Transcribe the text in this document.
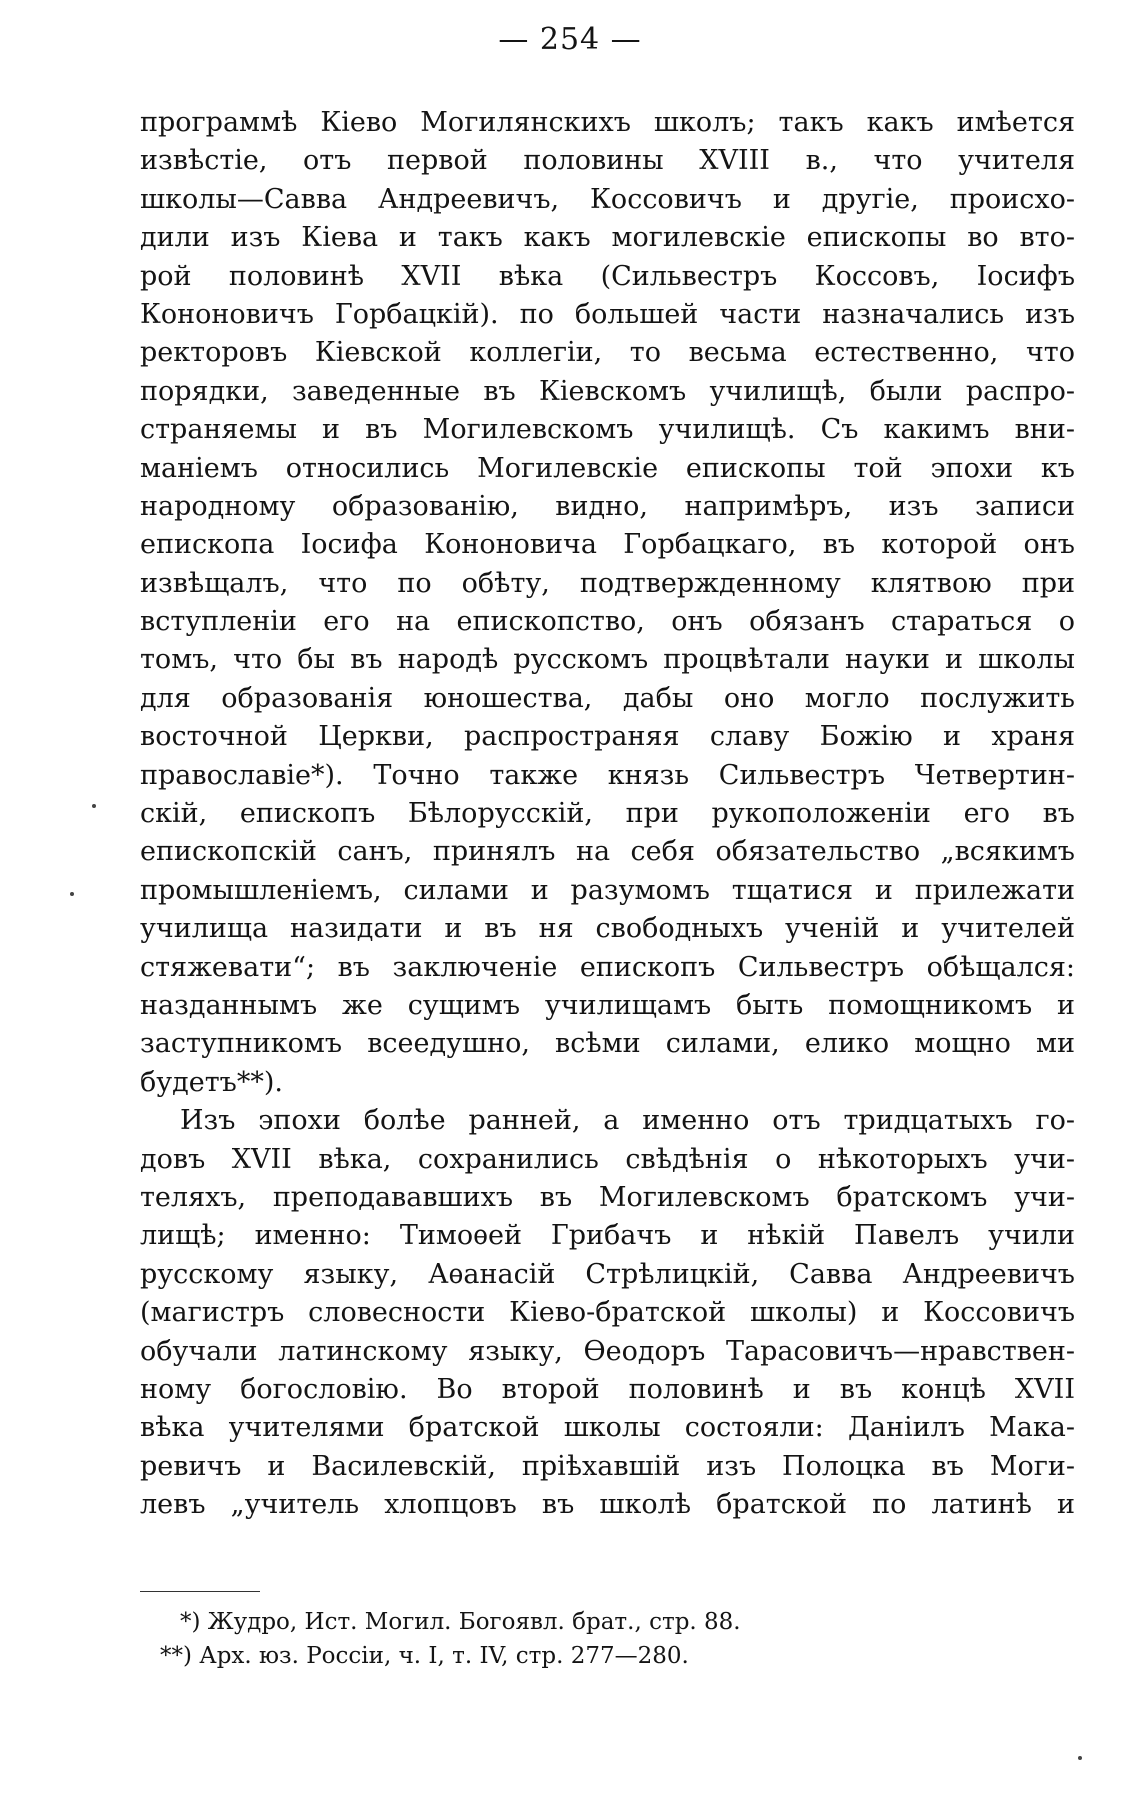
— 254 —
программѣ Кіево Могилянскихъ школъ; такъ какъ имѣется
извѣстіе, отъ первой половины XVIII в., что учителя
школы—Савва Андреевичъ, Коссовичъ и другіе, происхо-
дили изъ Кіева и такъ какъ могилевскіе епископы во вто-
рой половинѣ XVII вѣка (Сильвестръ Коссовъ, Іосифъ
Кононовичъ Горбацкій). по большей части назначались изъ
ректоровъ Кіевской коллегіи, то весьма естественно, что
порядки, заведенные въ Кіевскомъ училищѣ, были распро-
страняемы и въ Могилевскомъ училищѣ. Съ какимъ вни-
маніемъ относились Могилевскіе епископы той эпохи къ
народному образованію, видно, напримѣръ, изъ записи
епископа Іосифа Кононовича Горбацкаго, въ которой онъ
извѣщалъ, что по обѣту, подтвержденному клятвою при
вступленіи его на епископство, онъ обязанъ стараться о
томъ, что бы въ народѣ русскомъ процвѣтали науки и школы
для образованія юношества, дабы оно могло послужить
восточной Церкви, распространяя славу Божію и храня
православіе*). Точно также князь Сильвестръ Четвертин-
скій, епископъ Бѣлорусскій, при рукоположеніи его въ
епископскій санъ, принялъ на себя обязательство „всякимъ
промышленіемъ, силами и разумомъ тщатися и прилежати
училища назидати и въ ня свободныхъ ученій и учителей
стяжевати“; въ заключеніе епископъ Сильвестръ обѣщался:
назданнымъ же сущимъ училищамъ быть помощникомъ и
заступникомъ всеедушно, всѣми силами, елико мощно ми
будетъ**).
Изъ эпохи болѣе ранней, а именно отъ тридцатыхъ го-
довъ XVII вѣка, сохранились свѣдѣнія о нѣкоторыхъ учи-
теляхъ, преподававшихъ въ Могилевскомъ братскомъ учи-
лищѣ; именно: Тимоѳей Грибачъ и нѣкій Павелъ учили
русскому языку, Аѳанасій Стрѣлицкій, Савва Андреевичъ
(магистръ словесности Кіево-братской школы) и Коссовичъ
обучали латинскому языку, Ѳеодоръ Тарасовичъ—нравствен-
ному богословію. Во второй половинѣ и въ концѣ XVII
вѣка учителями братской школы состояли: Даніилъ Мака-
ревичъ и Василевскій, пріѣхавшій изъ Полоцка въ Моги-
левъ „учитель хлопцовъ въ школѣ братской по латинѣ и
*) Жудро, Ист. Могил. Богоявл. брат., стр. 88.
**) Арх. юз. Россіи, ч. I, т. IV, стр. 277—280.
